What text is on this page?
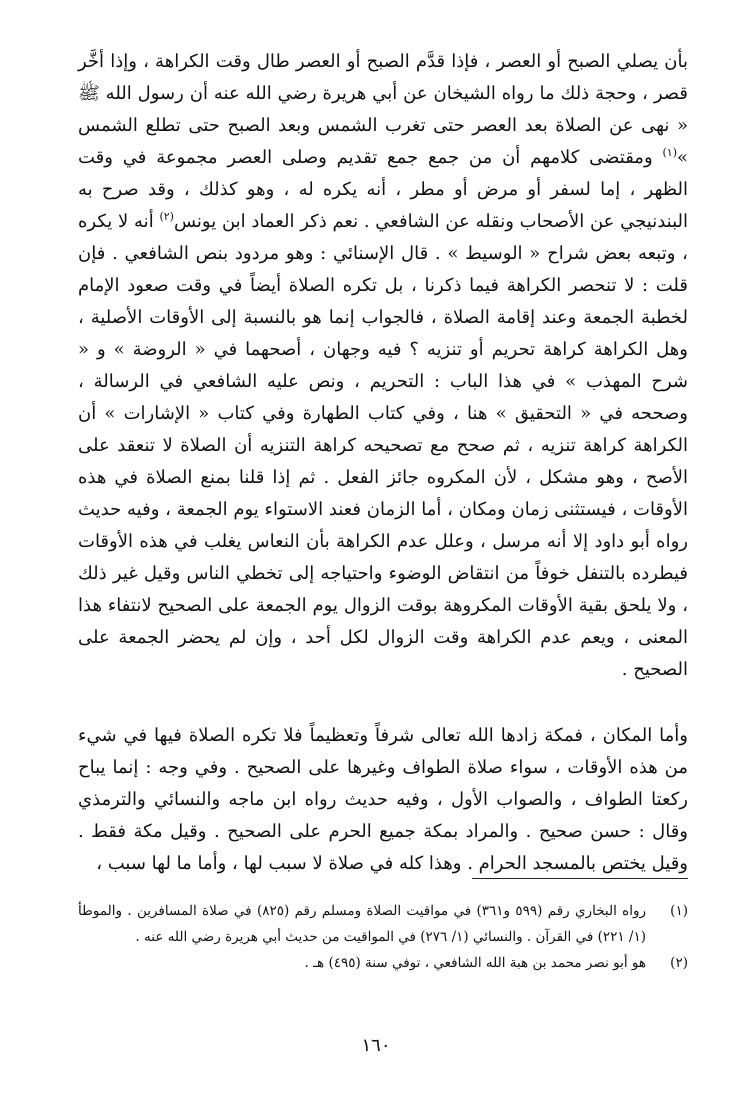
بأن يصلي الصبح أو العصر ، فإذا قدَّم الصبح أو العصر طال وقت الكراهة ، وإذا أخَّر قصر ، وحجة ذلك ما رواه الشيخان عن أبي هريرة رضي الله عنه أن رسول الله ﷺ « نهى عن الصلاة بعد العصر حتى تغرب الشمس وبعد الصبح حتى تطلع الشمس »$^{(١)}$ ومقتضى كلامهم أن من جمع جمع تقديم وصلى العصر مجموعة في وقت الظهر ، إما لسفر أو مرض أو مطر ، أنه يكره له ، وهو كذلك ، وقد صرح به البندنيجي عن الأصحاب ونقله عن الشافعي . نعم ذكر العماد ابن يونس$^{(٢)}$ أنه لا يكره ، وتبعه بعض شراح « الوسيط » . قال الإسنائي : وهو مردود بنص الشافعي . فإن قلت : لا تنحصر الكراهة فيما ذكرنا ، بل تكره الصلاة أيضاً في وقت صعود الإمام لخطبة الجمعة وعند إقامة الصلاة ، فالجواب إنما هو بالنسبة إلى الأوقات الأصلية ، وهل الكراهة كراهة تحريم أو تنزيه ؟ فيه وجهان ، أصحهما في « الروضة » و « شرح المهذب » في هذا الباب : التحريم ، ونص عليه الشافعي في الرسالة ، وصححه في « التحقيق » هنا ، وفي كتاب الطهارة وفي كتاب « الإشارات » أن الكراهة كراهة تنزيه ، ثم صحح مع تصحيحه كراهة التنزيه أن الصلاة لا تنعقد على الأصح ، وهو مشكل ، لأن المكروه جائز الفعل . ثم إذا قلنا بمنع الصلاة في هذه الأوقات ، فيستثنى زمان ومكان ، أما الزمان فعند الاستواء يوم الجمعة ، وفيه حديث رواه أبو داود إلا أنه مرسل ، وعلل عدم الكراهة بأن النعاس يغلب في هذه الأوقات فيطرده بالتنفل خوفاً من انتقاض الوضوء واحتياجه إلى تخطي الناس وقيل غير ذلك ، ولا يلحق بقية الأوقات المكروهة بوقت الزوال يوم الجمعة على الصحيح لانتفاء هذا المعنى ، ويعم عدم الكراهة وقت الزوال لكل أحد ، وإن لم يحضر الجمعة على الصحيح .

وأما المكان ، فمكة زادها الله تعالى شرفاً وتعظيماً فلا تكره الصلاة فيها في شيء من هذه الأوقات ، سواء صلاة الطواف وغيرها على الصحيح . وفي وجه : إنما يباح ركعتا الطواف ، والصواب الأول ، وفيه حديث رواه ابن ماجه والنسائي والترمذي وقال : حسن صحيح . والمراد بمكة جميع الحرم على الصحيح . وقيل مكة فقط . وقيل يختص بالمسجد الحرام . وهذا كله في صلاة لا سبب لها ، وأما ما لها سبب ،

(١)
رواه البخاري رقم (٥٩٩ و٣٦١) في مواقيت الصلاة ومسلم رقم (٨٢٥) في صلاة المسافرين . والموطأ (١/ ٢٢١) في القرآن . والنسائي (١/ ٢٧٦) في المواقيت من حديث أبي هريرة رضي الله عنه .
(٢)
هو أبو نصر محمد بن هبة الله الشافعي ، توفي سنة (٤٩٥) هـ .
١٦٠
